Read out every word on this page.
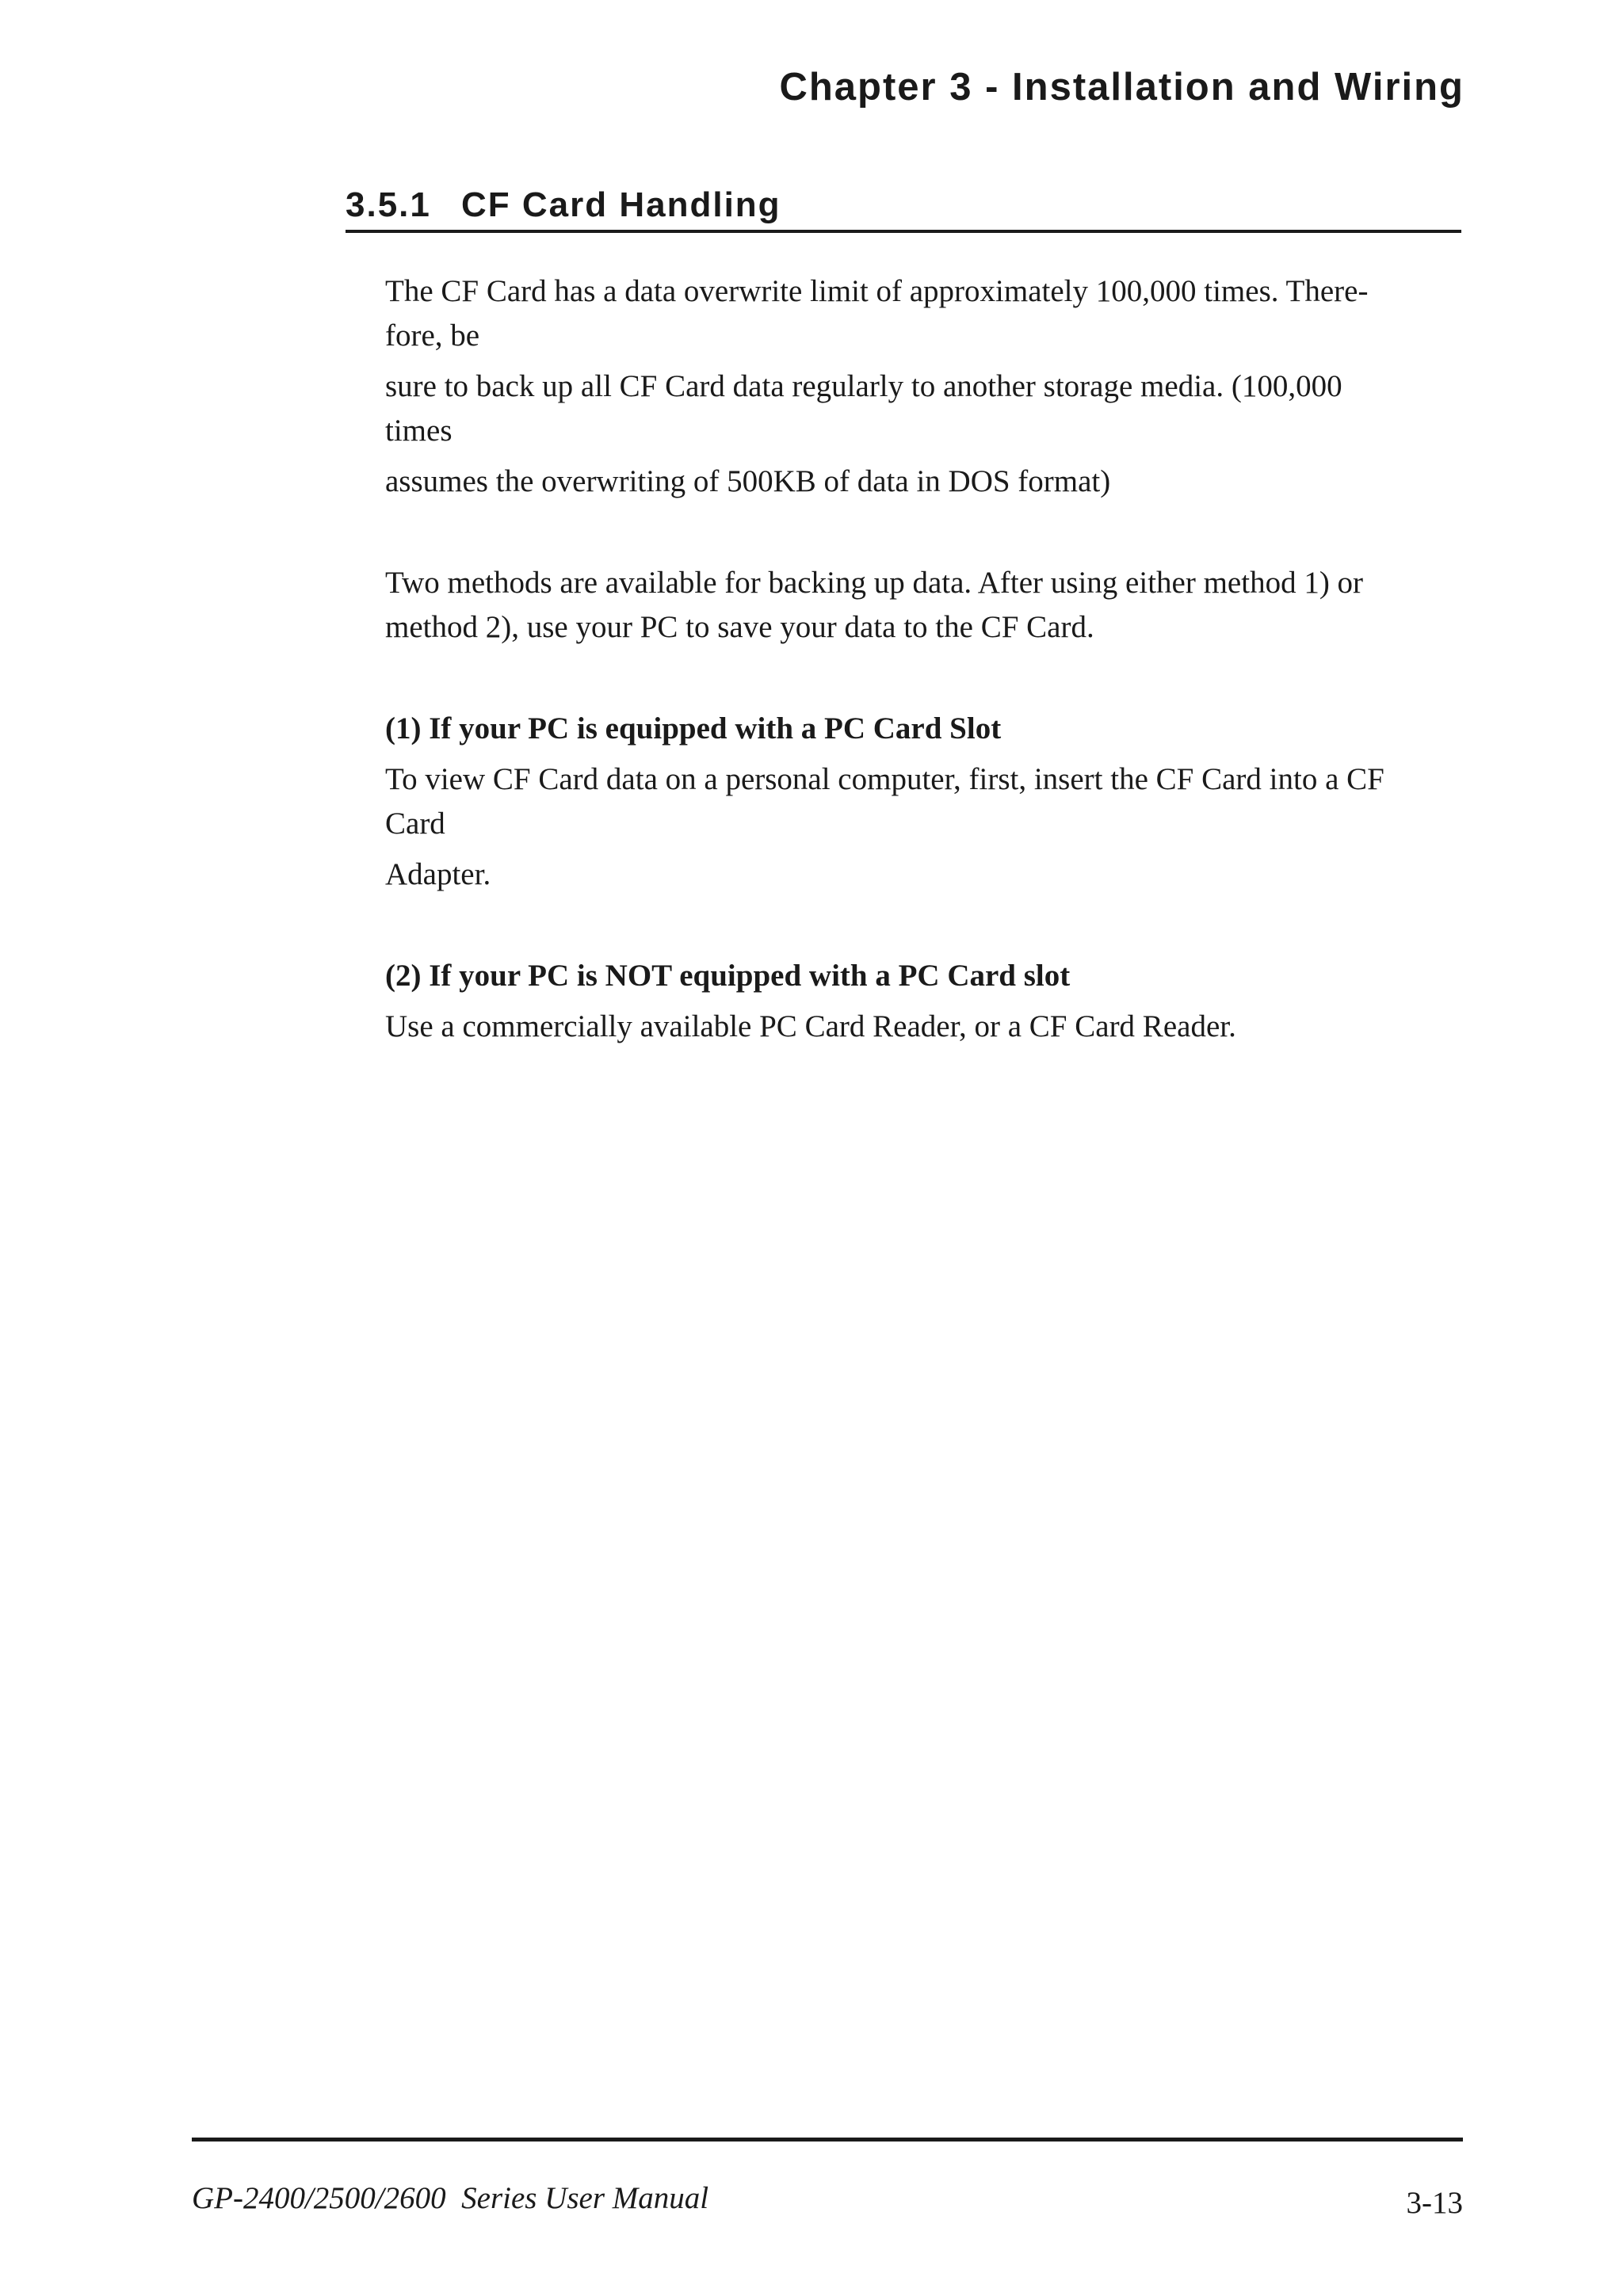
Chapter 3 - Installation and Wiring
3.5.1 CF Card Handling
The CF Card has a data overwrite limit of approximately 100,000 times. There-
fore, be
sure to back up all CF Card data regularly to another storage media. (100,000
times
assumes the overwriting of 500KB of data in DOS format)
Two methods are available for backing up data. After using either method 1) or
method 2), use your PC to save your data to the CF Card.
(1) If your PC is equipped with a PC Card Slot
To view CF Card data on a personal computer, first, insert the CF Card into a CF
Card
Adapter.
(2) If your PC is NOT equipped with a PC Card slot
Use a commercially available PC Card Reader, or a CF Card Reader.
GP-2400/2500/2600  Series User Manual	3-13
